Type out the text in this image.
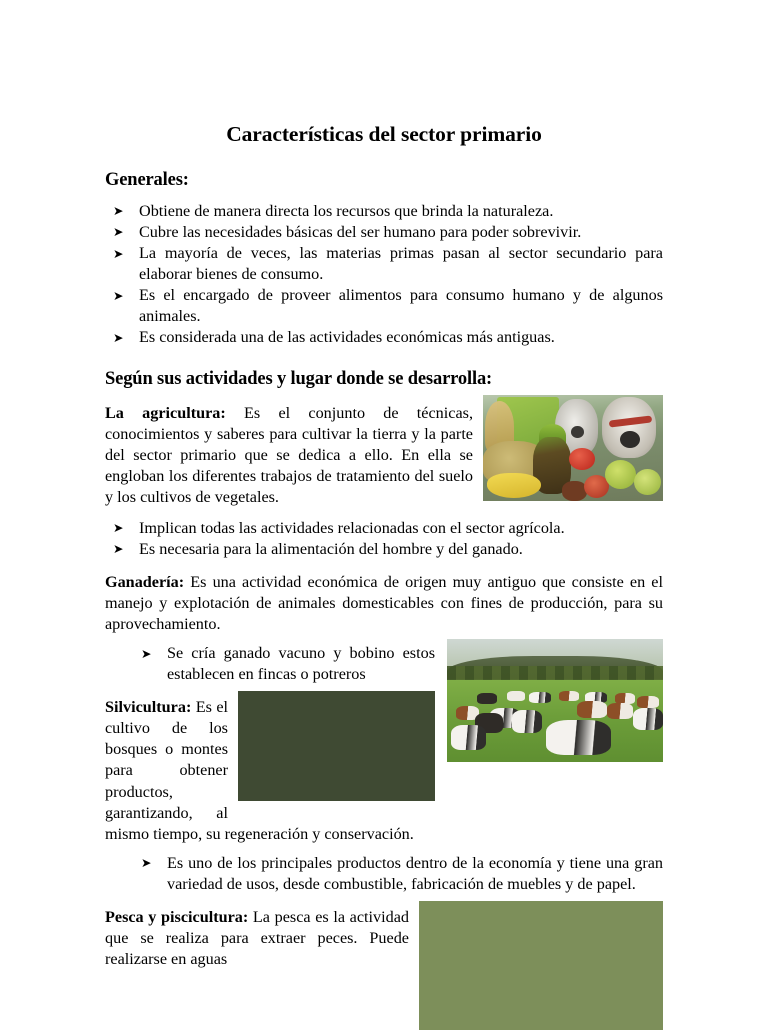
Características del sector primario
Generales:
➤ Obtiene de manera directa los recursos que brinda la naturaleza.
➤ Cubre las necesidades básicas del ser humano para poder sobrevivir.
➤ La mayoría de veces, las materias primas pasan al sector secundario para elaborar bienes de consumo.
➤ Es el encargado de proveer alimentos para consumo humano y de algunos animales.
➤ Es considerada una de las actividades económicas más antiguas.
Según sus actividades y lugar donde se desarrolla:

La agricultura: Es el conjunto de técnicas, conocimientos y saberes para cultivar la tierra y la parte del sector primario que se dedica a ello. En ella se engloban los diferentes trabajos de tratamiento del suelo y los cultivos de vegetales.

➤ Implican todas las actividades relacionadas con el sector agrícola.
➤ Es necesaria para la alimentación del hombre y del ganado.

Ganadería: Es una actividad económica de origen muy antiguo que consiste en el manejo y explotación de animales domesticables con fines de producción, para su aprovechamiento.

➤ Se cría ganado vacuno y bobino estos establecen en fincas o potreros

Silvicultura: Es el cultivo de los bosques o montes para obtener productos, garantizando, al mismo tiempo, su regeneración y conservación.

➤ Es uno de los principales productos dentro de la economía y tiene una gran variedad de usos, desde combustible, fabricación de muebles y de papel.

Pesca y piscicultura: La pesca es la actividad que se realiza para extraer peces. Puede realizarse en aguas
